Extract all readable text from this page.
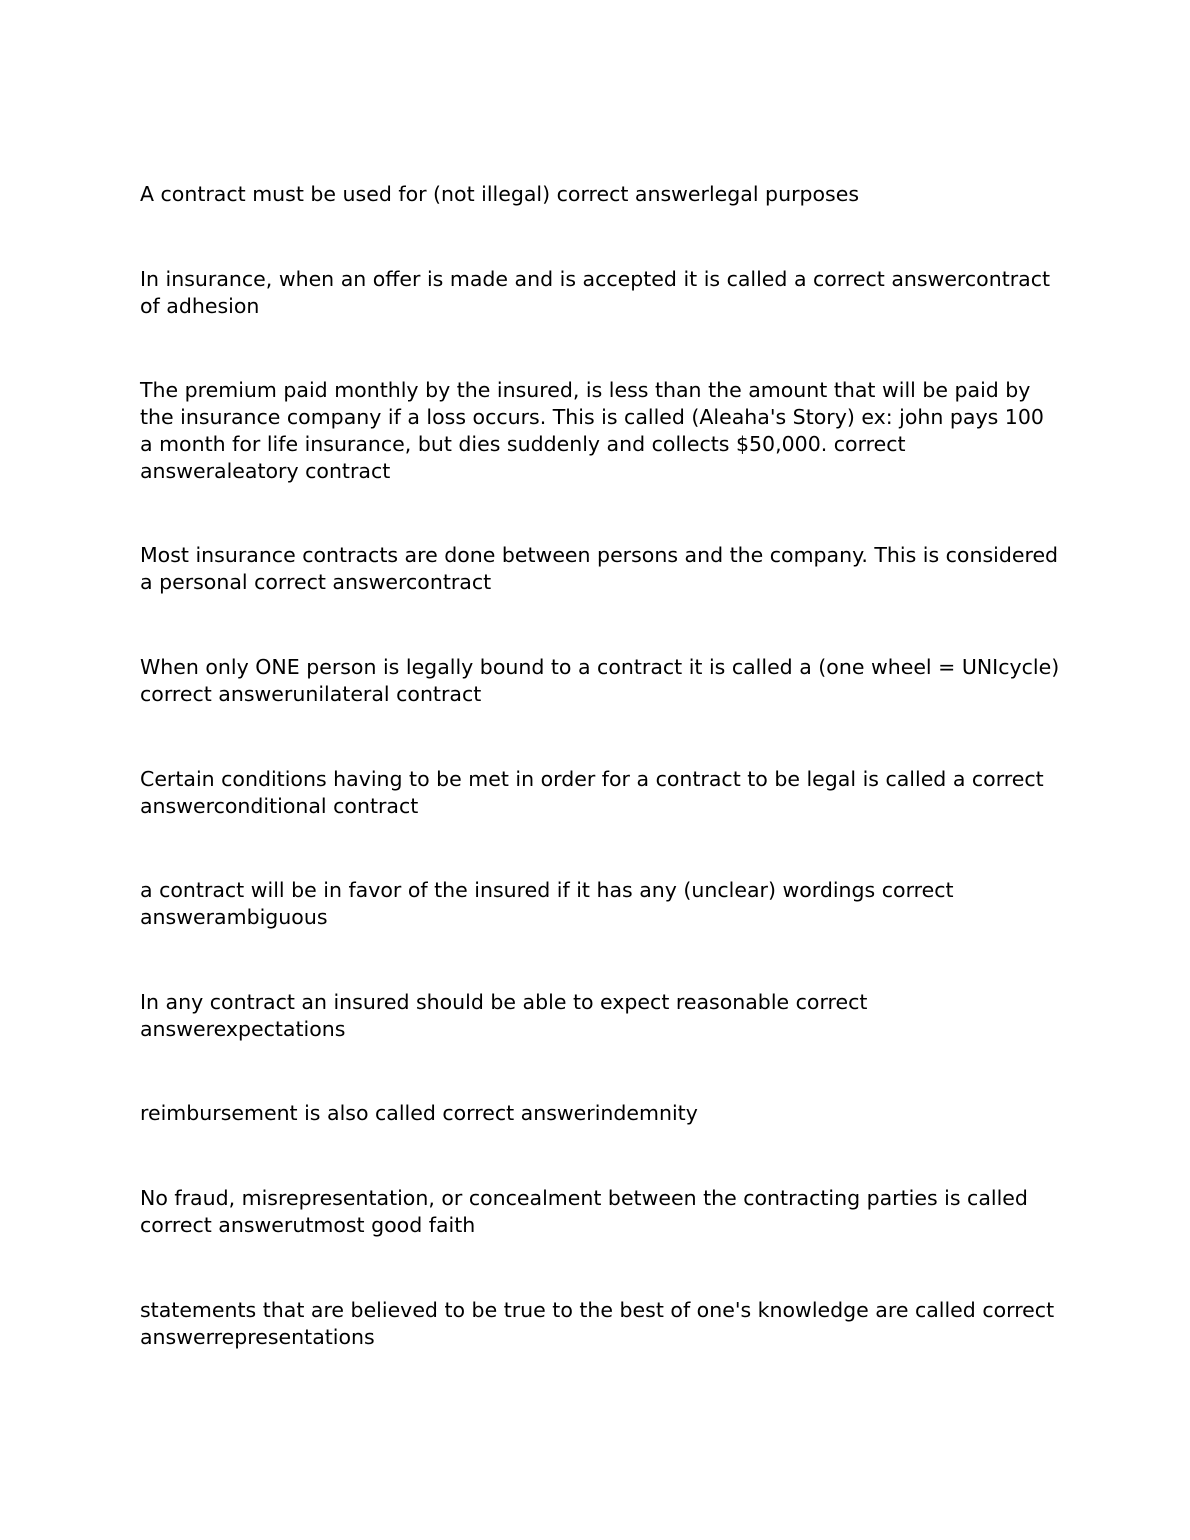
A contract must be used for (not illegal) correct answerlegal purposes

In insurance, when an offer is made and is accepted it is called a correct answercontract of adhesion

The premium paid monthly by the insured, is less than the amount that will be paid by the insurance company if a loss occurs. This is called (Aleaha's Story) ex: john pays 100 a month for life insurance, but dies suddenly and collects $50,000. correct answeraleatory contract

Most insurance contracts are done between persons and the company. This is considered a personal correct answercontract

When only ONE person is legally bound to a contract it is called a (one wheel = UNIcycle) correct answerunilateral contract

Certain conditions having to be met in order for a contract to be legal is called a correct answerconditional contract

a contract will be in favor of the insured if it has any (unclear) wordings correct answerambiguous

In any contract an insured should be able to expect reasonable correct answerexpectations

reimbursement is also called correct answerindemnity

No fraud, misrepresentation, or concealment between the contracting parties is called correct answerutmost good faith

statements that are believed to be true to the best of one's knowledge are called correct answerrepresentations
